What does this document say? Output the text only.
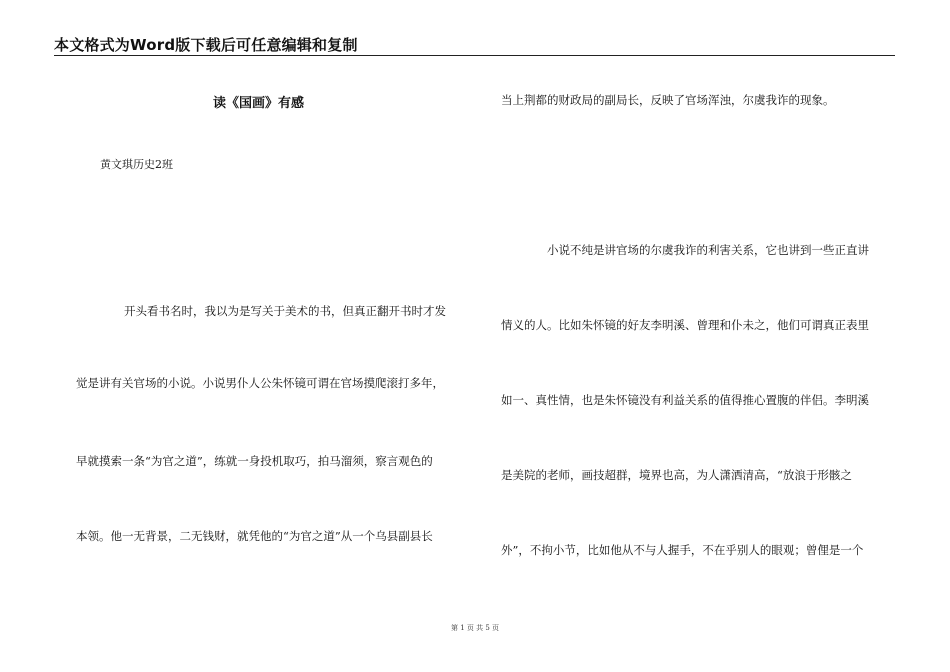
本文格式为Word版下载后可任意编辑和复制
读《国画》有感
黄文琪历史2班
开头看书名时，我以为是写关于美术的书，但真正翻开书时才发
觉是讲有关官场的小说。小说男仆人公朱怀镜可谓在官场摸爬滚打多年，
早就摸索一条“为官之道”，练就一身投机取巧，拍马溜须，察言观色的
本领。他一无背景，二无钱财，就凭他的“为官之道”从一个乌县副县长
当上荆都的财政局的副局长，反映了官场浑浊，尔虞我诈的现象。
小说不纯是讲官场的尔虞我诈的利害关系，它也讲到一些正直讲
情义的人。比如朱怀镜的好友李明溪、曾理和仆未之，他们可谓真正表里
如一、真性情，也是朱怀镜没有利益关系的值得推心置腹的伴侣。李明溪
是美院的老师，画技超群，境界也高，为人潇洒清高，“放浪于形骸之
外”，不拘小节，比如他从不与人握手，不在乎别人的眼观；曾俚是一个
第 1 页 共 5 页
